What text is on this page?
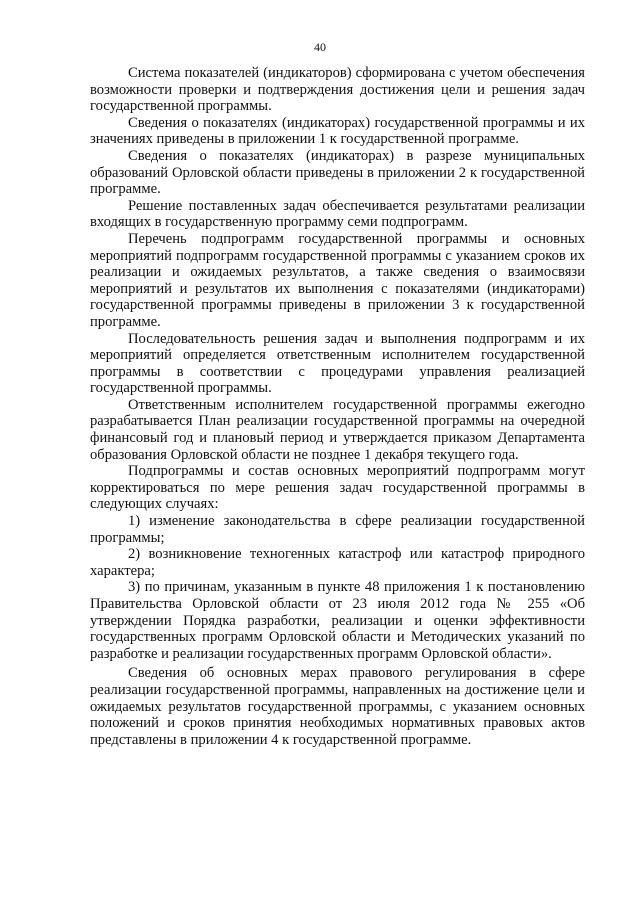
40

Система показателей (индикаторов) сформирована с учетом обеспечения возможности проверки и подтверждения достижения цели и решения задач государственной программы.

Сведения о показателях (индикаторах) государственной программы и их значениях приведены в приложении 1 к государственной программе.

Сведения о показателях (индикаторах) в разрезе муниципальных образований Орловской области приведены в приложении 2 к государственной программе.

Решение поставленных задач обеспечивается результатами реализации входящих в государственную программу семи подпрограмм.

Перечень подпрограмм государственной программы и основных мероприятий подпрограмм государственной программы с указанием сроков их реализации и ожидаемых результатов, а также сведения о взаимосвязи мероприятий и результатов их выполнения с показателями (индикаторами) государственной программы приведены в приложении 3 к государственной программе.

Последовательность решения задач и выполнения подпрограмм и их мероприятий определяется ответственным исполнителем государственной программы в соответствии с процедурами управления реализацией государственной программы.

Ответственным исполнителем государственной программы ежегодно разрабатывается План реализации государственной программы на очередной финансовый год и плановый период и утверждается приказом Департамента образования Орловской области не позднее 1 декабря текущего года.

Подпрограммы и состав основных мероприятий подпрограмм могут корректироваться по мере решения задач государственной программы в следующих случаях:

1) изменение законодательства в сфере реализации государственной программы;

2) возникновение техногенных катастроф или катастроф природного характера;

3) по причинам, указанным в пункте 48 приложения 1 к постановлению Правительства Орловской области от 23 июля 2012 года № 255 «Об утверждении Порядка разработки, реализации и оценки эффективности государственных программ Орловской области и Методических указаний по разработке и реализации государственных программ Орловской области».

Сведения об основных мерах правового регулирования в сфере реализации государственной программы, направленных на достижение цели и ожидаемых результатов государственной программы, с указанием основных положений и сроков принятия необходимых нормативных правовых актов представлены в приложении 4 к государственной программе.
